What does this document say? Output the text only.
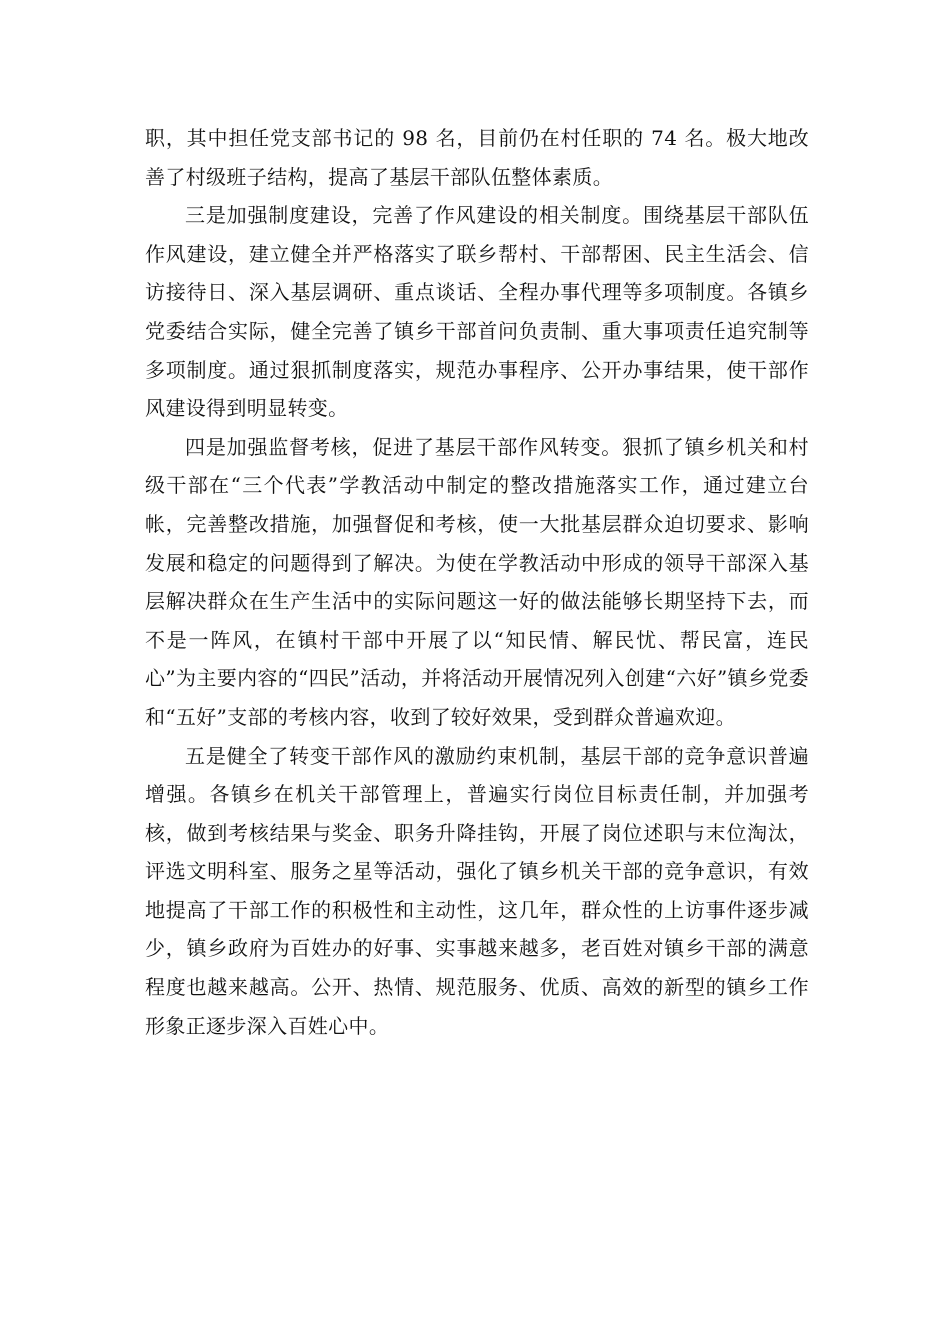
职，其中担任党支部书记的 98 名，目前仍在村任职的 74 名。极大地改善了村级班子结构，提高了基层干部队伍整体素质。

三是加强制度建设，完善了作风建设的相关制度。围绕基层干部队伍作风建设，建立健全并严格落实了联乡帮村、干部帮困、民主生活会、信访接待日、深入基层调研、重点谈话、全程办事代理等多项制度。各镇乡党委结合实际，健全完善了镇乡干部首问负责制、重大事项责任追究制等多项制度。通过狠抓制度落实，规范办事程序、公开办事结果，使干部作风建设得到明显转变。

四是加强监督考核，促进了基层干部作风转变。狠抓了镇乡机关和村级干部在“三个代表”学教活动中制定的整改措施落实工作，通过建立台帐，完善整改措施，加强督促和考核，使一大批基层群众迫切要求、影响发展和稳定的问题得到了解决。为使在学教活动中形成的领导干部深入基层解决群众在生产生活中的实际问题这一好的做法能够长期坚持下去，而不是一阵风，在镇村干部中开展了以“知民情、解民忧、帮民富，连民心”为主要内容的“四民”活动，并将活动开展情况列入创建“六好”镇乡党委和“五好”支部的考核内容，收到了较好效果，受到群众普遍欢迎。

五是健全了转变干部作风的激励约束机制，基层干部的竞争意识普遍增强。各镇乡在机关干部管理上，普遍实行岗位目标责任制，并加强考核，做到考核结果与奖金、职务升降挂钩，开展了岗位述职与末位淘汰，评选文明科室、服务之星等活动，强化了镇乡机关干部的竞争意识，有效地提高了干部工作的积极性和主动性，这几年，群众性的上访事件逐步减少，镇乡政府为百姓办的好事、实事越来越多，老百姓对镇乡干部的满意程度也越来越高。公开、热情、规范服务、优质、高效的新型的镇乡工作形象正逐步深入百姓心中。
